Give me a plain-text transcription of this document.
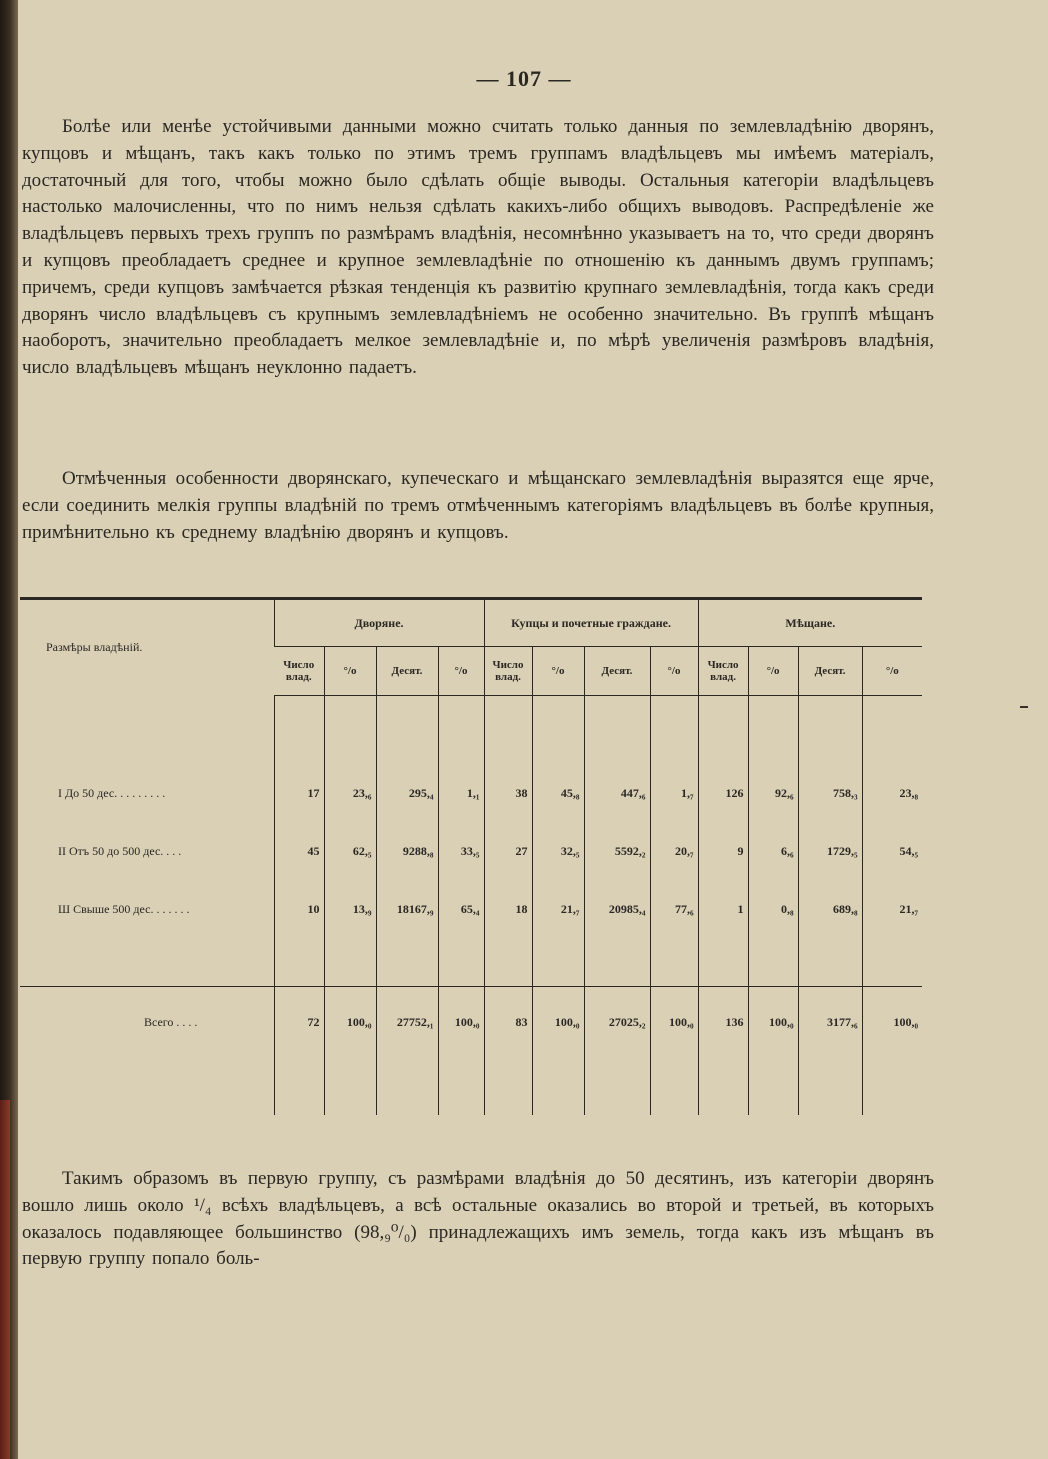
— 107 —

Болѣе или менѣе устойчивыми данными можно считать только данныя по землевладѣнію дворянъ, купцовъ и мѣщанъ, такъ какъ только по этимъ тремъ группамъ владѣльцевъ мы имѣемъ матеріалъ, достаточный для того, чтобы можно было сдѣлать общіе выводы. Остальныя категоріи владѣльцевъ настолько малочисленны, что по нимъ нельзя сдѣлать какихъ-либо общихъ выводовъ. Распредѣленіе же владѣльцевъ первыхъ трехъ группъ по размѣрамъ владѣнія, несомнѣнно указываетъ на то, что среди дворянъ и купцовъ преобладаетъ среднее и крупное землевладѣніе по отношенію къ даннымъ двумъ группамъ; причемъ, среди купцовъ замѣчается рѣзкая тенденція къ развитію крупнаго землевладѣнія, тогда какъ среди дворянъ число владѣльцевъ съ крупнымъ землевладѣніемъ не особенно значительно. Въ группѣ мѣщанъ наоборотъ, значительно преобладаетъ мелкое землевладѣніе и, по мѣрѣ увеличенія размѣровъ владѣнія, число владѣльцевъ мѣщанъ неуклонно падаетъ.

Отмѣченныя особенности дворянскаго, купеческаго и мѣщанскаго землевладѣнія выразятся еще ярче, если соединить мелкія группы владѣній по тремъ отмѣченнымъ категоріямъ владѣльцевъ въ болѣе крупныя, примѣнительно къ среднему владѣнію дворянъ и купцовъ.

Размѣры владѣній.	Дворяне.				Купцы и почетные граждане.				Мѣщане.			
	Число влад.	°/о	Десят.	°/о	Число влад.	°/о	Десят.	°/о	Число влад.	°/о	Десят.	°/о

I До 50 дес. . . . . . . . .	17	23,₆	295,₄	1,₁	38	45,₈	447,₆	1,₇	126	92,₆	758,₃	23,₈
II Отъ 50 до 500 дес. . . .	45	62,₅	9288,₈	33,₅	27	32,₅	5592,₂	20,₇	9	6,₆	1729,₅	54,₅
Ш Свыше 500 дес. . . . . . .	10	13,₉	18167,₉	65,₄	18	21,₇	20985,₄	77,₆	1	0,₈	689,₈	21,₇

Всего . . . .	72	100,₀	27752,₁	100,₀	83	100,₀	27025,₂	100,₀	136	100,₀	3177,₆	100,₀

Такимъ образомъ въ первую группу, съ размѣрами владѣнія до 50 десятинъ, изъ категоріи дворянъ вошло лишь около ¹/₄ всѣхъ владѣльцевъ, а всѣ остальные оказались во второй и третьей, въ которыхъ оказалось подавляющее большинство (98,₉⁰/₀) принадлежащихъ имъ земель, тогда какъ изъ мѣщанъ въ первую группу попало боль-
